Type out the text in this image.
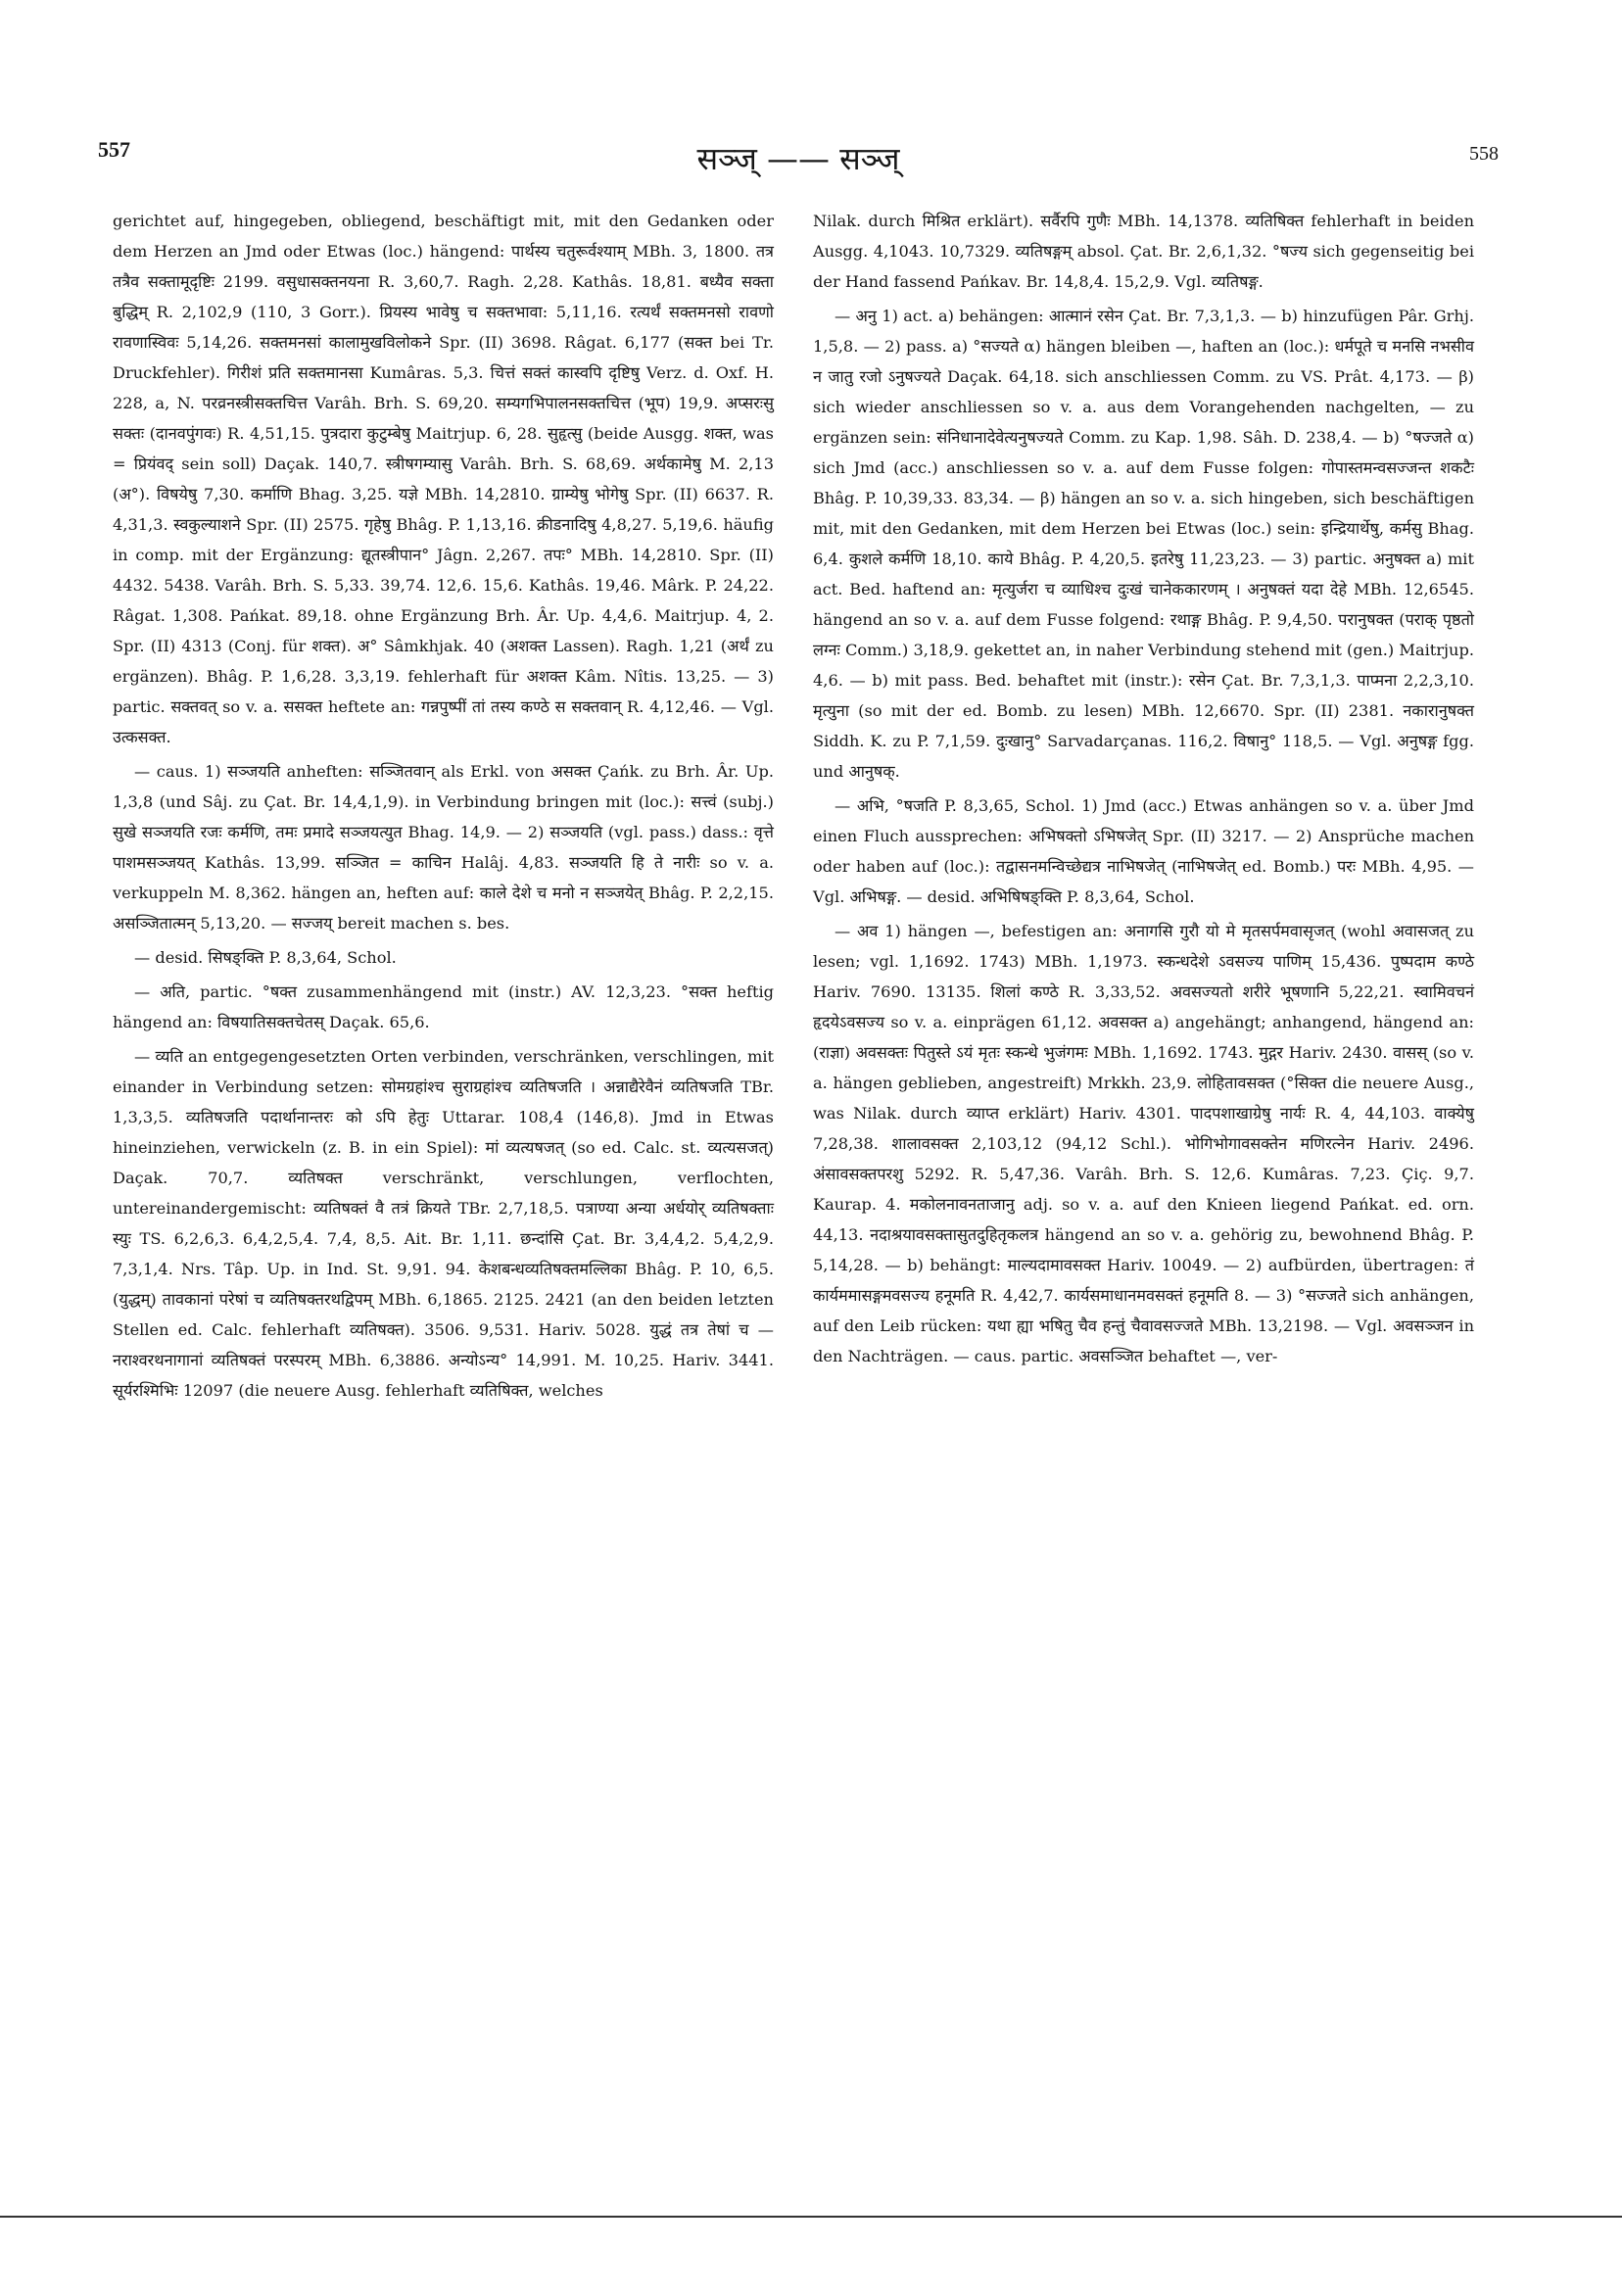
557	सञ्ज् —— सञ्ज्	558

gerichtet auf, hingegeben, obliegend, beschäftigt mit, mit den Gedanken oder dem Herzen an Jmd oder Etwas (loc.) hängend: पार्थस्य चतुरूर्वश्याम् MBh. 3, 1800. तत्र तत्रैव सक्तामूदृष्टिः 2199. वसुधासक्तनयना R. 3,60,7. Ragh. 2,28. Kathâs. 18,81. बध्यैव सक्ता बुद्धिम् R. 2,102,9 (110, 3 Gorr.). प्रियस्य भावेषु च सक्तभावा: 5,11,16. रत्यर्थं सक्तमनसो रावणो रावणास्विवः 5,14,26. सक्तमनसां कालामुखविलोकने Spr. (II) 3698. Râgat. 6,177 (सक्त bei Tr. Druckfehler). गिरीशं प्रति सक्तमानसा Kumâras. 5,3. चित्तं सक्तं कास्वपि दृष्टिषु Verz. d. Oxf. H. 228, a, N. परव्रनस्त्रीसक्तचित्त Varâh. Brh. S. 69,20. सम्यगभिपालनसक्तचित्त (भूप) 19,9. अप्सरःसु सक्तः (दानवपुंगवः) R. 4,51,15. पुत्रदारा कुटुम्बेषु Maitrjup. 6, 28. सुहृत्सु (beide Ausgg. शक्त, was = प्रियंवद् sein soll) Daçak. 140,7. स्त्रीषगम्यासु Varâh. Brh. S. 68,69. अर्थकामेषु M. 2,13 (अ°). विषयेषु 7,30. कर्माणि Bhag. 3,25. यज्ञे MBh. 14,2810. ग्राम्येषु भोगेषु Spr. (II) 6637. R. 4,31,3. स्वकुल्याशने Spr. (II) 2575. गृहेषु Bhâg. P. 1,13,16. क्रीडनादिषु 4,8,27. 5,19,6. häufig in comp. mit der Ergänzung: द्यूतस्त्रीपान° Jâgn. 2,267. तपः° MBh. 14,2810. Spr. (II) 4432. 5438. Varâh. Brh. S. 5,33. 39,74. 12,6. 15,6. Kathâs. 19,46. Mârk. P. 24,22. Râgat. 1,308. Pańkat. 89,18. ohne Ergänzung Brh. Âr. Up. 4,4,6. Maitrjup. 4, 2. Spr. (II) 4313 (Conj. für शक्त). अ° Sâmkhjak. 40 (अशक्त Lassen). Ragh. 1,21 (अर्थं zu ergänzen). Bhâg. P. 1,6,28. 3,3,19. fehlerhaft für अशक्त Kâm. Nîtis. 13,25. — 3) partic. सक्तवत् so v. a. ससक्त heftete an: गन्नपुष्पीं तां तस्य कण्ठे स सक्तवान् R. 4,12,46. — Vgl. उत्कसक्त.

— caus. 1) सञ्जयति anheften: सञ्जितवान् als Erkl. von असक्त Çańk. zu Brh. Âr. Up. 1,3,8 (und Sâj. zu Çat. Br. 14,4,1,9). in Verbindung bringen mit (loc.): सत्त्वं (subj.) सुखे सञ्जयति रजः कर्मणि, तमः प्रमादे सञ्जयत्युत Bhag. 14,9. — 2) सञ्जयति (vgl. pass.) dass.: वृत्ते पाशमसञ्जयत् Kathâs. 13,99. सञ्जित = काचिन Halâj. 4,83. सञ्जयति हि ते नारीः so v. a. verkuppeln M. 8,362. hängen an, heften auf: काले देशे च मनो न सञ्जयेत् Bhâg. P. 2,2,15. असञ्जितात्मन् 5,13,20. — सज्जय् bereit machen s. bes.

— desid. सिषङ्क्ति P. 8,3,64, Schol.

— अति, partic. °षक्त zusammenhängend mit (instr.) AV. 12,3,23. °सक्त heftig hängend an: विषयातिसक्तचेतस् Daçak. 65,6.

— व्यति an entgegengesetzten Orten verbinden, verschränken, verschlingen, mit einander in Verbindung setzen: सोमग्रहांश्च सुराग्रहांश्च व्यतिषजति । अन्नाद्यैरेवैनं व्यतिषजति TBr. 1,3,3,5. व्यतिषजति पदार्थानान्तरः को ऽपि हेतुः Uttarar. 108,4 (146,8). Jmd in Etwas hineinziehen, verwickeln (z. B. in ein Spiel): मां व्यत्यषजत् (so ed. Calc. st. व्यत्यसजत्) Daçak. 70,7. व्यतिषक्त verschränkt, verschlungen, verflochten, untereinandergemischt: व्यतिषक्तं वै तत्रं क्रियते TBr. 2,7,18,5. पत्राण्या अन्या अर्धयोर् व्यतिषक्ताः स्युः TS. 6,2,6,3. 6,4,2,5,4. 7,4, 8,5. Ait. Br. 1,11. छन्दांसि Çat. Br. 3,4,4,2. 5,4,2,9. 7,3,1,4. Nrs. Tâp. Up. in Ind. St. 9,91. 94. केशबन्धव्यतिषक्तमल्लिका Bhâg. P. 10, 6,5. (युद्धम्) तावकानां परेषां च व्यतिषक्तरथद्विपम् MBh. 6,1865. 2125. 2421 (an den beiden letzten Stellen ed. Calc. fehlerhaft व्यतिषक्त). 3506. 9,531. Hariv. 5028. युद्धं तत्र तेषां च — नराश्वरथनागानां व्यतिषक्तं परस्परम् MBh. 6,3886. अन्योऽन्य° 14,991. M. 10,25. Hariv. 3441. सूर्यरश्मिभिः 12097 (die neuere Ausg. fehlerhaft व्यतिषिक्त, welches

Nilak. durch मिश्रित erklärt). सर्वैरपि गुणैः MBh. 14,1378. व्यतिषिक्त fehlerhaft in beiden Ausgg. 4,1043. 10,7329. व्यतिषङ्गम् absol. Çat. Br. 2,6,1,32. °षज्य sich gegenseitig bei der Hand fassend Pańkav. Br. 14,8,4. 15,2,9. Vgl. व्यतिषङ्ग.

— अनु 1) act. a) behängen: आत्मानं रसेन Çat. Br. 7,3,1,3. — b) hinzufügen Pâr. Grhj. 1,5,8. — 2) pass. a) °सज्यते α) hängen bleiben —, haften an (loc.): धर्मपूते च मनसि नभसीव न जातु रजो ऽनुषज्यते Daçak. 64,18. sich anschliessen Comm. zu VS. Prât. 4,173. — β) sich wieder anschliessen so v. a. aus dem Vorangehenden nachgelten, — zu ergänzen sein: संनिधानादेवेत्यनुषज्यते Comm. zu Kap. 1,98. Sâh. D. 238,4. — b) °षज्जते α) sich Jmd (acc.) anschliessen so v. a. auf dem Fusse folgen: गोपास्तमन्वसज्जन्त शकटैः Bhâg. P. 10,39,33. 83,34. — β) hängen an so v. a. sich hingeben, sich beschäftigen mit, mit den Gedanken, mit dem Herzen bei Etwas (loc.) sein: इन्द्रियार्थेषु, कर्मसु Bhag. 6,4. कुशले कर्मणि 18,10. काये Bhâg. P. 4,20,5. इतरेषु 11,23,23. — 3) partic. अनुषक्त a) mit act. Bed. haftend an: मृत्युर्जरा च व्याधिश्च दुःखं चानेककारणम् । अनुषक्तं यदा देहे MBh. 12,6545. hängend an so v. a. auf dem Fusse folgend: रथाङ्ग Bhâg. P. 9,4,50. परानुषक्त (पराक् पृष्ठतो लग्नः Comm.) 3,18,9. gekettet an, in naher Verbindung stehend mit (gen.) Maitrjup. 4,6. — b) mit pass. Bed. behaftet mit (instr.): रसेन Çat. Br. 7,3,1,3. पाप्मना 2,2,3,10. मृत्युना (so mit der ed. Bomb. zu lesen) MBh. 12,6670. Spr. (II) 2381. नकारानुषक्त Siddh. K. zu P. 7,1,59. दुःखानु° Sarvadarçanas. 116,2. विषानु° 118,5. — Vgl. अनुषङ्ग fgg. und आनुषक्.

— अभि, °षजति P. 8,3,65, Schol. 1) Jmd (acc.) Etwas anhängen so v. a. über Jmd einen Fluch aussprechen: अभिषक्तो ऽभिषजेत् Spr. (II) 3217. — 2) Ansprüche machen oder haben auf (loc.): तद्वासनमन्विच्छेद्यत्र नाभिषजेत् (नाभिषजेत् ed. Bomb.) परः MBh. 4,95. — Vgl. अभिषङ्ग. — desid. अभिषिषङ्क्ति P. 8,3,64, Schol.

— अव 1) hängen —, befestigen an: अनागसि गुरौ यो मे मृतसर्पमवासृजत् (wohl अवासजत् zu lesen; vgl. 1,1692. 1743) MBh. 1,1973. स्कन्धदेशे ऽवसज्य पाणिम् 15,436. पुष्पदाम कण्ठे Hariv. 7690. 13135. शिलां कण्ठे R. 3,33,52. अवसज्यतो शरीरे भूषणानि 5,22,21. स्वामिवचनं हृदयेऽवसज्य so v. a. einprägen 61,12. अवसक्त a) angehängt; anhangend, hängend an: (राज्ञा) अवसक्तः पितुस्ते ऽयं मृतः स्कन्धे भुजंगमः MBh. 1,1692. 1743. मुद्गर Hariv. 2430. वासस् (so v. a. hängen geblieben, angestreift) Mrkkh. 23,9. लोहितावसक्त (°सिक्त die neuere Ausg., was Nilak. durch व्याप्त erklärt) Hariv. 4301. पादपशाखाग्रेषु नार्यः R. 4, 44,103. वाक्येषु 7,28,38. शालावसक्त 2,103,12 (94,12 Schl.). भोगिभोगावसक्तेन मणिरत्नेन Hariv. 2496. अंसावसक्तपरशु 5292. R. 5,47,36. Varâh. Brh. S. 12,6. Kumâras. 7,23. Çiç. 9,7. Kaurap. 4. मकोलनावनताजानु adj. so v. a. auf den Knieen liegend Pańkat. ed. orn. 44,13. नदाश्रयावसक्तासुतदुहितृकलत्र hängend an so v. a. gehörig zu, bewohnend Bhâg. P. 5,14,28. — b) behängt: माल्यदामावसक्त Hariv. 10049. — 2) aufbürden, übertragen: तं कार्यममासङ्गमवसज्य हनूमति R. 4,42,7. कार्यसमाधानमवसक्तं हनूमति 8. — 3) °सज्जते sich anhängen, auf den Leib rücken: यथा ह्या भषितु चैव हन्तुं चैवावसज्जते MBh. 13,2198. — Vgl. अवसञ्जन in den Nachträgen. — caus. partic. अवसञ्जित behaftet —, ver-
